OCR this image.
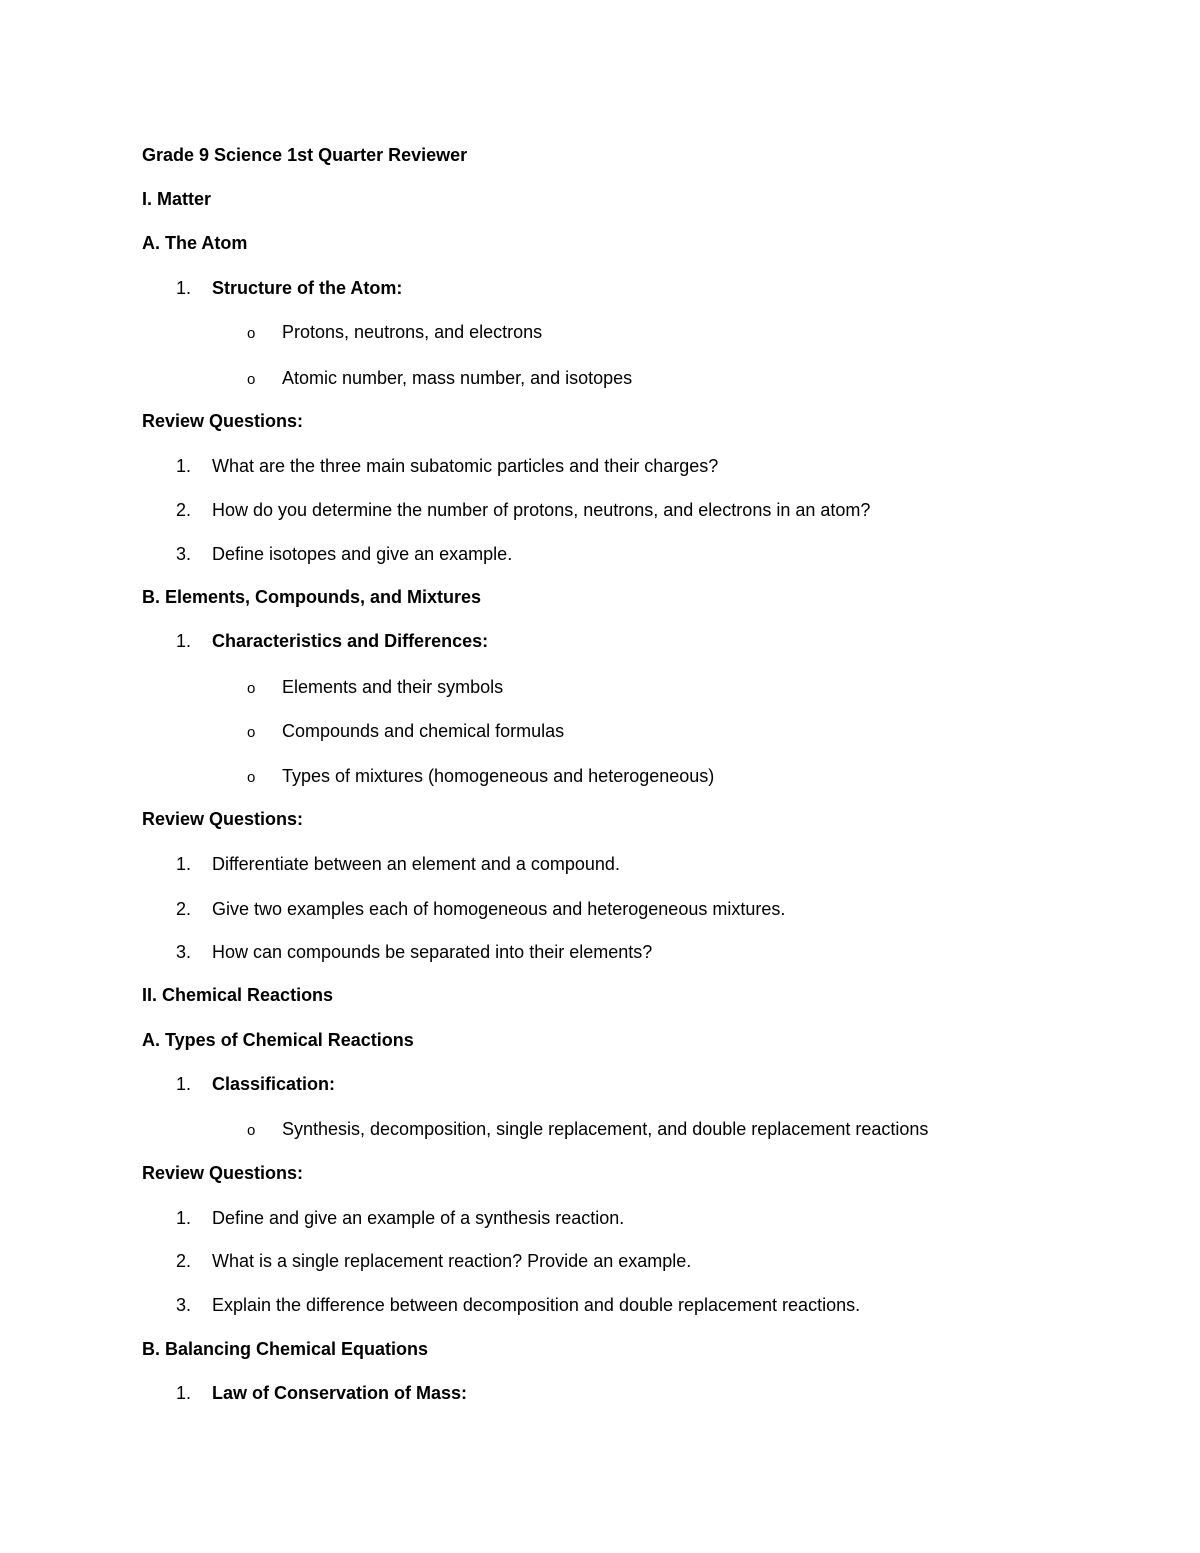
Grade 9 Science 1st Quarter Reviewer
I. Matter
A. The Atom
1. Structure of the Atom:
o Protons, neutrons, and electrons
o Atomic number, mass number, and isotopes
Review Questions:
1. What are the three main subatomic particles and their charges?
2. How do you determine the number of protons, neutrons, and electrons in an atom?
3. Define isotopes and give an example.
B. Elements, Compounds, and Mixtures
1. Characteristics and Differences:
o Elements and their symbols
o Compounds and chemical formulas
o Types of mixtures (homogeneous and heterogeneous)
Review Questions:
1. Differentiate between an element and a compound.
2. Give two examples each of homogeneous and heterogeneous mixtures.
3. How can compounds be separated into their elements?
II. Chemical Reactions
A. Types of Chemical Reactions
1. Classification:
o Synthesis, decomposition, single replacement, and double replacement reactions
Review Questions:
1. Define and give an example of a synthesis reaction.
2. What is a single replacement reaction? Provide an example.
3. Explain the difference between decomposition and double replacement reactions.
B. Balancing Chemical Equations
1. Law of Conservation of Mass:
